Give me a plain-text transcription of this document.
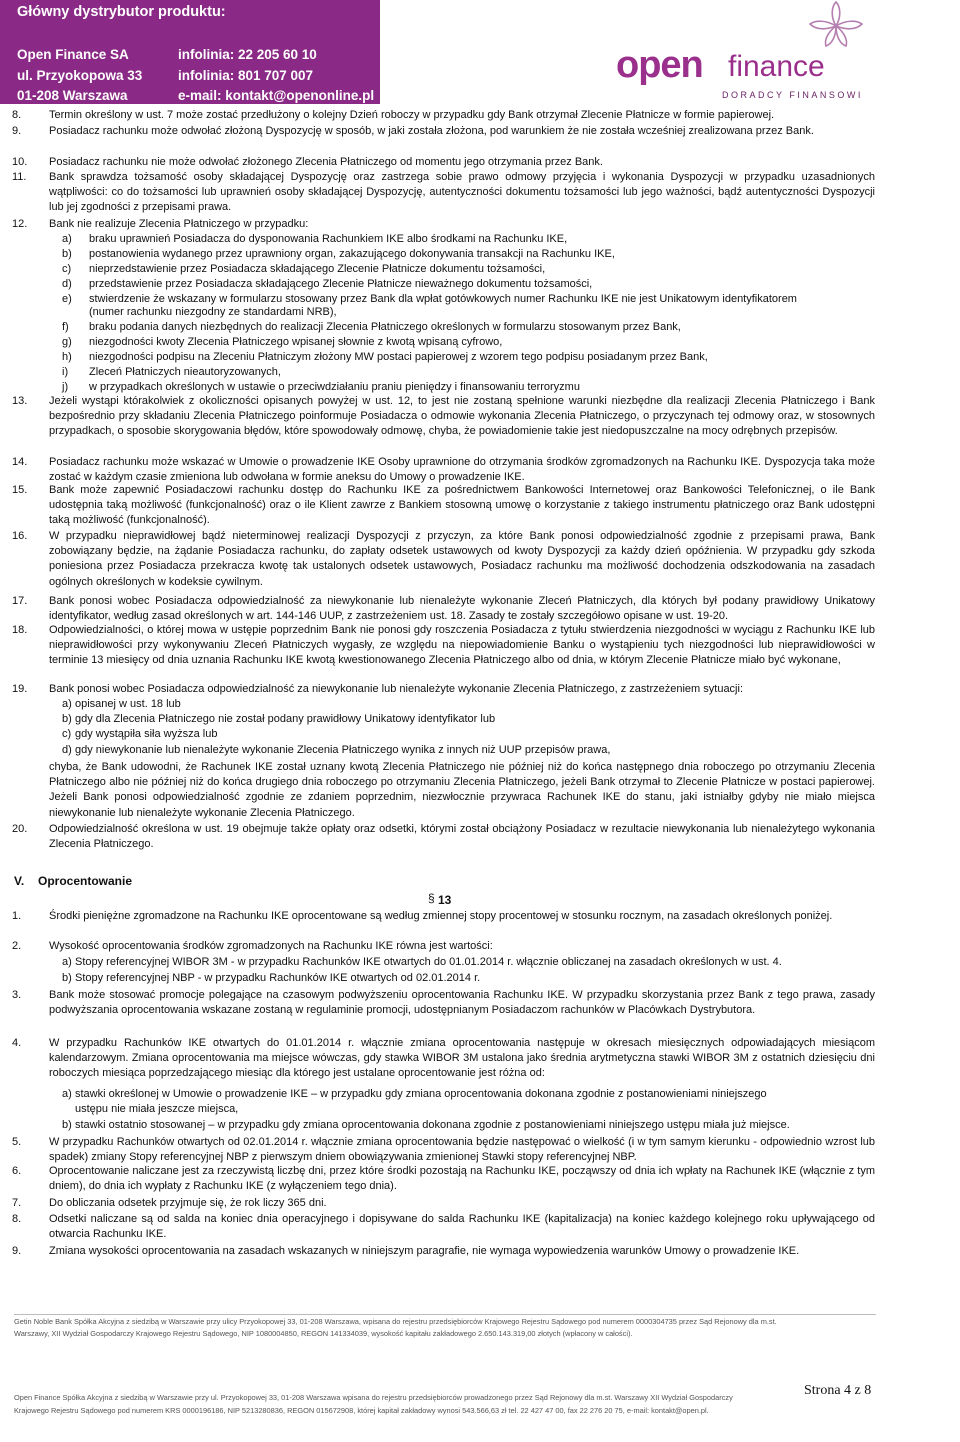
Główny dystrybutor produktu:
Open Finance SA
ul. Przyokopowa 33
01-208 Warszawa
infolinia: 22 205 60 10
infolinia: 801 707 007
e-mail: kontakt@openonline.pl
open finance
DORADCY FINANSOWI
8.	Termin określony w ust. 7 może zostać przedłużony o kolejny Dzień roboczy w przypadku gdy Bank otrzymał Zlecenie Płatnicze w formie papierowej.
9.	Posiadacz rachunku może odwołać złożoną Dyspozycję w sposób, w jaki została złożona, pod warunkiem że nie została wcześniej zrealizowana przez Bank.
10. Posiadacz rachunku nie może odwołać złożonego Zlecenia Płatniczego od momentu jego otrzymania przez Bank.
11. Bank sprawdza tożsamość osoby składającej Dyspozycję oraz zastrzega sobie prawo odmowy przyjęcia i wykonania Dyspozycji w przypadku uzasadnionych wątpliwości: co do tożsamości lub uprawnień osoby składającej Dyspozycję, autentyczności dokumentu tożsamości lub jego ważności, bądź autentyczności Dyspozycji lub jej zgodności z przepisami prawa.
12. Bank nie realizuje Zlecenia Płatniczego w przypadku:
a) braku uprawnień Posiadacza do dysponowania Rachunkiem IKE albo środkami na Rachunku IKE,
b) postanowienia wydanego przez uprawniony organ, zakazującego dokonywania transakcji na Rachunku IKE,
c) nieprzedstawienie przez Posiadacza składającego Zlecenie Płatnicze dokumentu tożsamości,
d) przedstawienie przez Posiadacza składającego Zlecenie Płatnicze nieważnego dokumentu tożsamości,
e) stwierdzenie że wskazany w formularzu stosowany przez Bank dla wpłat gotówkowych numer Rachunku IKE nie jest Unikatowym identyfikatorem
(numer rachunku niezgodny ze standardami NRB),
f) braku podania danych niezbędnych do realizacji Zlecenia Płatniczego określonych w formularzu stosowanym przez Bank,
g) niezgodności kwoty Zlecenia Płatniczego wpisanej słownie z kwotą wpisaną cyfrowo,
h) niezgodności podpisu na Zleceniu Płatniczym złożony MW postaci papierowej z wzorem tego podpisu posiadanym przez Bank,
i) Zleceń Płatniczych nieautoryzowanych,
j) w przypadkach określonych w ustawie o przeciwdziałaniu praniu pieniędzy i finansowaniu terroryzmu
13. Jeżeli wystąpi którakolwiek z okoliczności opisanych powyżej w ust. 12, to jest nie zostaną spełnione warunki niezbędne dla realizacji Zlecenia Płatniczego i Bank bezpośrednio przy składaniu Zlecenia Płatniczego poinformuje Posiadacza o odmowie wykonania Zlecenia Płatniczego, o przyczynach tej odmowy oraz, w stosownych przypadkach, o sposobie skorygowania błędów, które spowodowały odmowę, chyba, że powiadomienie takie jest niedopuszczalne na mocy odrębnych przepisów.
14. Posiadacz rachunku może wskazać w Umowie o prowadzenie IKE Osoby uprawnione do otrzymania środków zgromadzonych na Rachunku IKE. Dyspozycja taka może zostać w każdym czasie zmieniona lub odwołana w formie aneksu do Umowy o prowadzenie IKE.
15. Bank może zapewnić Posiadaczowi rachunku dostęp do Rachunku IKE za pośrednictwem Bankowości Internetowej oraz Bankowości Telefonicznej, o ile Bank udostępnia taką możliwość (funkcjonalność) oraz o ile Klient zawrze z Bankiem stosowną umowę o korzystanie z takiego instrumentu płatniczego oraz Bank udostępni taką możliwość (funkcjonalność).
16. W przypadku nieprawidłowej bądź nieterminowej realizacji Dyspozycji z przyczyn, za które Bank ponosi odpowiedzialność zgodnie z przepisami prawa, Bank zobowiązany będzie, na żądanie Posiadacza rachunku, do zapłaty odsetek ustawowych od kwoty Dyspozycji za każdy dzień opóźnienia. W przypadku gdy szkoda poniesiona przez Posiadacza przekracza kwotę tak ustalonych odsetek ustawowych, Posiadacz rachunku ma możliwość dochodzenia odszkodowania na zasadach ogólnych określonych w kodeksie cywilnym.
17. Bank ponosi wobec Posiadacza odpowiedzialność za niewykonanie lub nienależyte wykonanie Zleceń Płatniczych, dla których był podany prawidłowy Unikatowy identyfikator, według zasad określonych w art. 144-146 UUP, z zastrzeżeniem ust. 18. Zasady te zostały szczegółowo opisane w ust. 19-20.
18. Odpowiedzialności, o której mowa w ustępie poprzednim Bank nie ponosi gdy roszczenia Posiadacza z tytułu stwierdzenia niezgodności w wyciągu z Rachunku IKE lub nieprawidłowości przy wykonywaniu Zleceń Płatniczych wygasły, ze względu na niepowiadomienie Banku o wystąpieniu tych niezgodności lub nieprawidłowości w terminie 13 miesięcy od dnia uznania Rachunku IKE kwotą kwestionowanego Zlecenia Płatniczego albo od dnia, w którym Zlecenie Płatnicze miało być wykonane,
19. Bank ponosi wobec Posiadacza odpowiedzialność za niewykonanie lub nienależyte wykonanie Zlecenia Płatniczego, z zastrzeżeniem sytuacji:
a) opisanej w ust. 18 lub
b) gdy dla Zlecenia Płatniczego nie został podany prawidłowy Unikatowy identyfikator lub
c) gdy wystąpiła siła wyższa lub
d) gdy niewykonanie lub nienależyte wykonanie Zlecenia Płatniczego wynika z innych niż UUP przepisów prawa,
chyba, że Bank udowodni, że Rachunek IKE został uznany kwotą Zlecenia Płatniczego nie później niż do końca następnego dnia roboczego po otrzymaniu Zlecenia Płatniczego albo nie później niż do końca drugiego dnia roboczego po otrzymaniu Zlecenia Płatniczego, jeżeli Bank otrzymał to Zlecenie Płatnicze w postaci papierowej. Jeżeli Bank ponosi odpowiedzialność zgodnie ze zdaniem poprzednim, niezwłocznie przywraca Rachunek IKE do stanu, jaki istniałby gdyby nie miało miejsca niewykonanie lub nienależyte wykonanie Zlecenia Płatniczego.
20. Odpowiedzialność określona w ust. 19 obejmuje także opłaty oraz odsetki, którymi został obciążony Posiadacz w rezultacie niewykonania lub nienależytego wykonania Zlecenia Płatniczego.
V. Oprocentowanie
§ 13
1.	Środki pieniężne zgromadzone na Rachunku IKE oprocentowane są według zmiennej stopy procentowej w stosunku rocznym, na zasadach określonych poniżej.
2.	Wysokość oprocentowania środków zgromadzonych na Rachunku IKE równa jest wartości:
a) Stopy referencyjnej WIBOR 3M - w przypadku Rachunków IKE otwartych do 01.01.2014 r. włącznie obliczanej na zasadach określonych w ust. 4.
b) Stopy referencyjnej NBP - w przypadku Rachunków IKE otwartych od 02.01.2014 r.
3.	Bank może stosować promocje polegające na czasowym podwyższeniu oprocentowania Rachunku IKE. W przypadku skorzystania przez Bank z tego prawa, zasady podwyższania oprocentowania wskazane zostaną w regulaminie promocji, udostępnianym Posiadaczom rachunków w Placówkach Dystrybutora.
4.	W przypadku Rachunków IKE otwartych do 01.01.2014 r. włącznie zmiana oprocentowania następuje w okresach miesięcznych odpowiadających miesiącom kalendarzowym. Zmiana oprocentowania ma miejsce wówczas, gdy stawka WIBOR 3M ustalona jako średnia arytmetyczna stawki WIBOR 3M z ostatnich dziesięciu dni roboczych miesiąca poprzedzającego miesiąc dla którego jest ustalane oprocentowanie jest różna od:
a) stawki określonej w Umowie o prowadzenie IKE – w przypadku gdy zmiana oprocentowania dokonana zgodnie z postanowieniami niniejszego
ustępu nie miała jeszcze miejsca,
b) stawki ostatnio stosowanej – w przypadku gdy zmiana oprocentowania dokonana zgodnie z postanowieniami niniejszego ustępu miała już miejsce.
5.	W przypadku Rachunków otwartych od 02.01.2014 r. włącznie zmiana oprocentowania będzie następować o wielkość (i w tym samym kierunku - odpowiednio wzrost lub spadek) zmiany Stopy referencyjnej NBP z pierwszym dniem obowiązywania zmienionej Stawki stopy referencyjnej NBP.
6.	Oprocentowanie naliczane jest za rzeczywistą liczbę dni, przez które środki pozostają na Rachunku IKE, począwszy od dnia ich wpłaty na Rachunek IKE (włącznie z tym dniem), do dnia ich wypłaty z Rachunku IKE (z wyłączeniem tego dnia).
7.	Do obliczania odsetek przyjmuje się, że rok liczy 365 dni.
8.	Odsetki naliczane są od salda na koniec dnia operacyjnego i dopisywane do salda Rachunku IKE (kapitalizacja) na koniec każdego kolejnego roku upływającego od otwarcia Rachunku IKE.
9.	Zmiana wysokości oprocentowania na zasadach wskazanych w niniejszym paragrafie, nie wymaga wypowiedzenia warunków Umowy o prowadzenie IKE.
Getin Noble Bank Spółka Akcyjna z siedzibą w Warszawie przy ulicy Przyokopowej 33, 01-208 Warszawa, wpisana do rejestru przedsiębiorców Krajowego Rejestru Sądowego pod numerem 0000304735 przez Sąd Rejonowy dla m.st.
Warszawy, XII Wydział Gospodarczy Krajowego Rejestru Sądowego, NIP 1080004850, REGON 141334039, wysokość kapitału zakładowego 2.650.143.319,00 złotych (wpłacony w całości).
Open Finance Spółka Akcyjna z siedzibą w Warszawie przy ul. Przyokopowej 33, 01-208 Warszawa wpisana do rejestru przedsiębiorców prowadzonego przez Sąd Rejonowy dla m.st. Warszawy XII Wydział Gospodarczy
Krajowego Rejestru Sądowego pod numerem KRS 0000196186, NIP 5213280836, REGON 015672908, której kapitał zakładowy wynosi 543.566,63 zł tel. 22 427 47 00, fax 22 276 20 75, e-mail: kontakt@open.pl.
Strona 4 z 8
